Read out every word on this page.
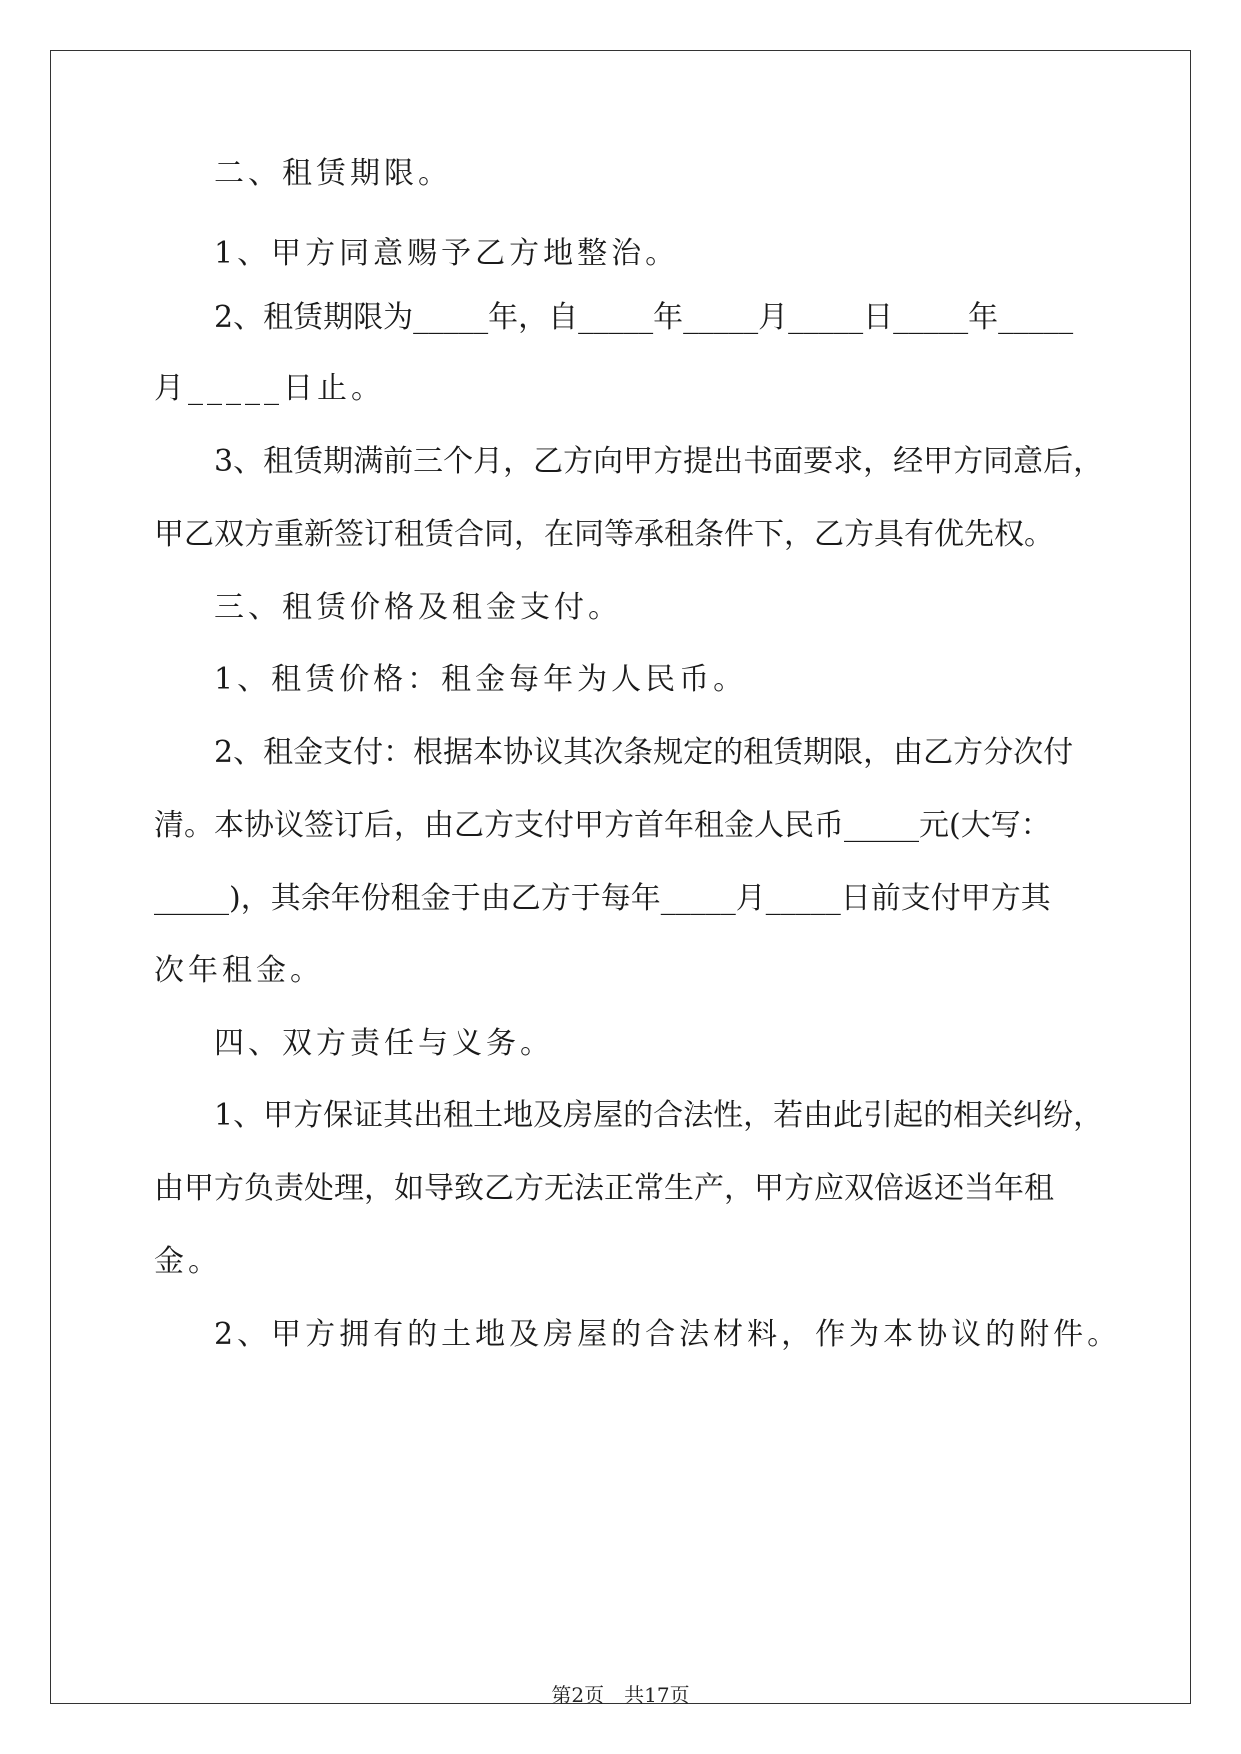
二、租赁期限。
1、甲方同意赐予乙方地整治。
2、租赁期限为_____年，自_____年_____月_____日_____年_____
月_____日止。
3、租赁期满前三个月，乙方向甲方提出书面要求，经甲方同意后，
甲乙双方重新签订租赁合同，在同等承租条件下，乙方具有优先权。
三、租赁价格及租金支付。
1、租赁价格：租金每年为人民币。
2、租金支付：根据本协议其次条规定的租赁期限，由乙方分次付
清。本协议签订后，由乙方支付甲方首年租金人民币_____元(大写：
_____)，其余年份租金于由乙方于每年_____月_____日前支付甲方其
次年租金。
四、双方责任与义务。
1、甲方保证其出租土地及房屋的合法性，若由此引起的相关纠纷，
由甲方负责处理，如导致乙方无法正常生产，甲方应双倍返还当年租
金。
2、甲方拥有的土地及房屋的合法材料，作为本协议的附件。
第2页 共17页
